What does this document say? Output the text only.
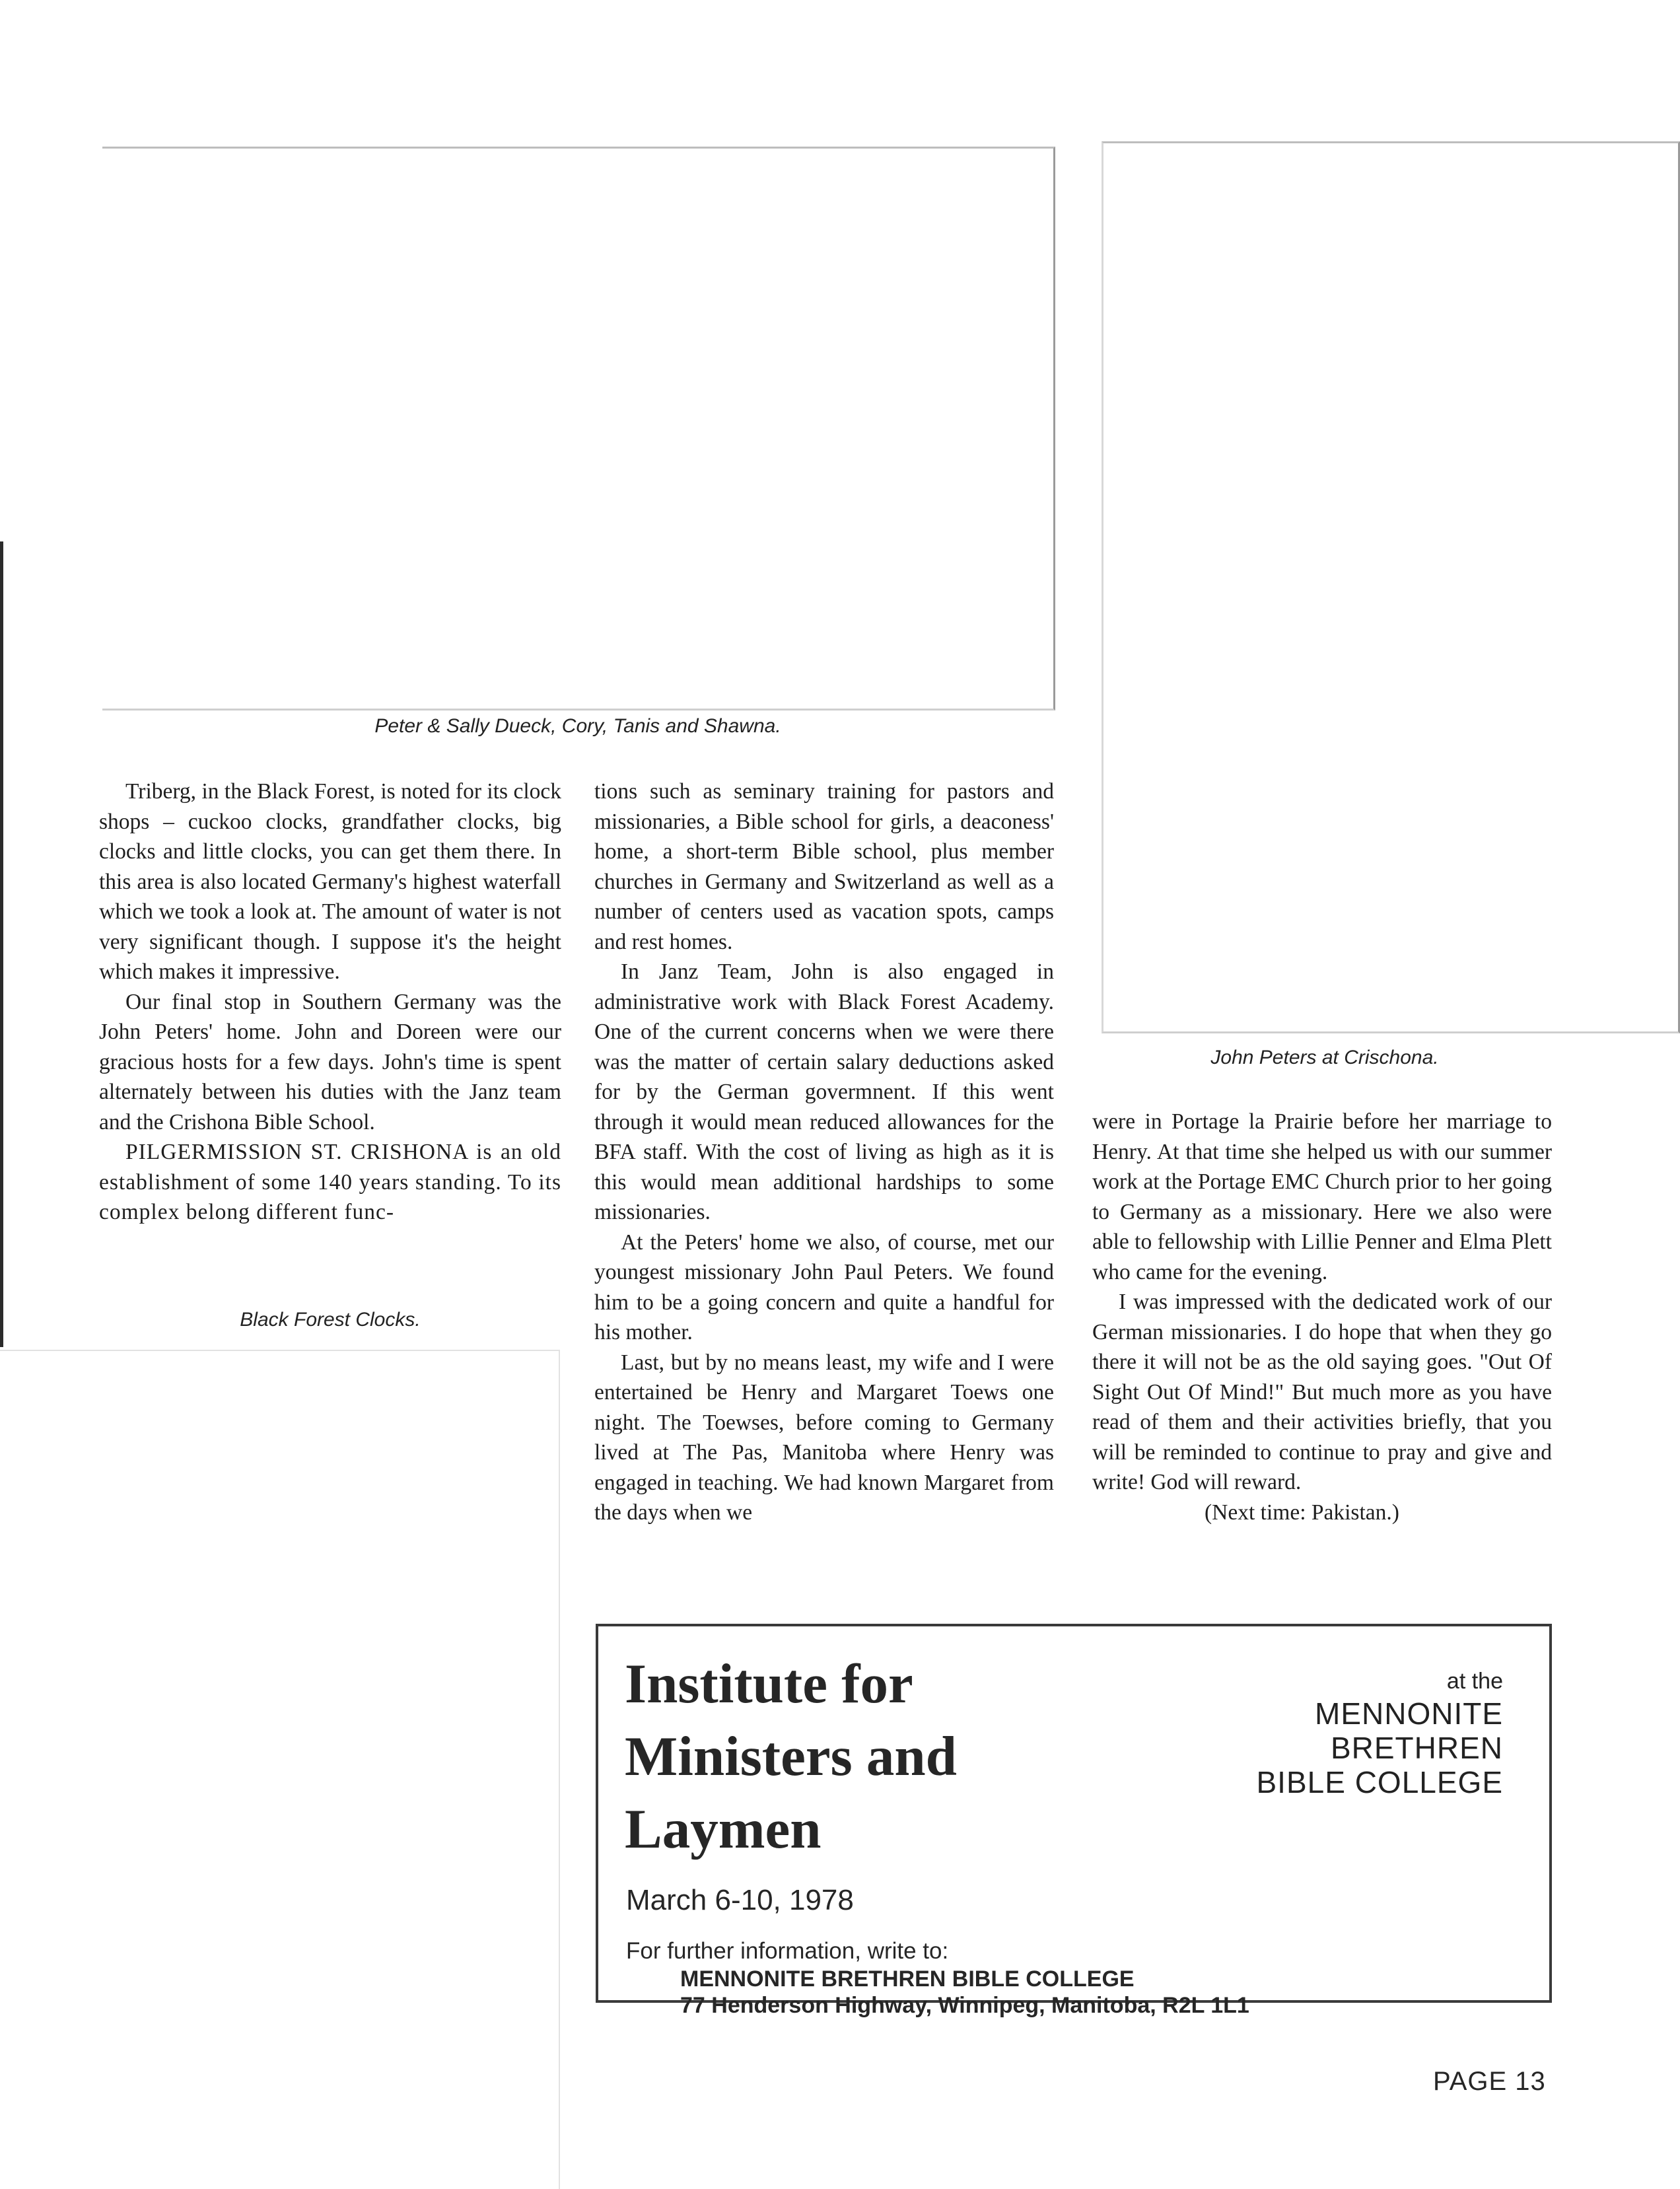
Peter & Sally Dueck, Cory, Tanis and Shawna.
Black Forest Clocks.
John Peters at Crischona.

Triberg, in the Black Forest, is noted for its clock shops – cuckoo clocks, grandfather clocks, big clocks and little clocks, you can get them there. In this area is also located Germany's highest waterfall which we took a look at. The amount of water is not very significant though. I suppose it's the height which makes it impressive.

Our final stop in Southern Germany was the John Peters' home. John and Doreen were our gracious hosts for a few days. John's time is spent alternately between his duties with the Janz team and the Crishona Bible School.

PILGERMISSION ST. CRISHONA is an old establishment of some 140 years standing. To its complex belong different func-

tions such as seminary training for pastors and missionaries, a Bible school for girls, a deaconess' home, a short-term Bible school, plus member churches in Germany and Switzerland as well as a number of centers used as vacation spots, camps and rest homes.

In Janz Team, John is also engaged in administrative work with Black Forest Academy. One of the current concerns when we were there was the matter of certain salary deductions asked for by the German govermnent. If this went through it would mean reduced allowances for the BFA staff. With the cost of living as high as it is this would mean additional hardships to some missionaries.

At the Peters' home we also, of course, met our youngest missionary John Paul Peters. We found him to be a going concern and quite a handful for his mother.

Last, but by no means least, my wife and I were entertained be Henry and Margaret Toews one night. The Toewses, before coming to Germany lived at The Pas, Manitoba where Henry was engaged in teaching. We had known Margaret from the days when we

were in Portage la Prairie before her marriage to Henry. At that time she helped us with our summer work at the Portage EMC Church prior to her going to Germany as a missionary. Here we also were able to fellowship with Lillie Penner and Elma Plett who came for the evening.

I was impressed with the dedicated work of our German missionaries. I do hope that when they go there it will not be as the old saying goes. "Out Of Sight Out Of Mind!" But much more as you have read of them and their activities briefly, that you will be reminded to continue to pray and give and write! God will reward.

(Next time: Pakistan.)

Institute for
Ministers and
Laymen
at the
MENNONITE
BRETHREN
BIBLE COLLEGE
March 6-10, 1978
For further information, write to:
MENNONITE BRETHREN BIBLE COLLEGE
77 Henderson Highway, Winnipeg, Manitoba, R2L 1L1
PAGE 13
